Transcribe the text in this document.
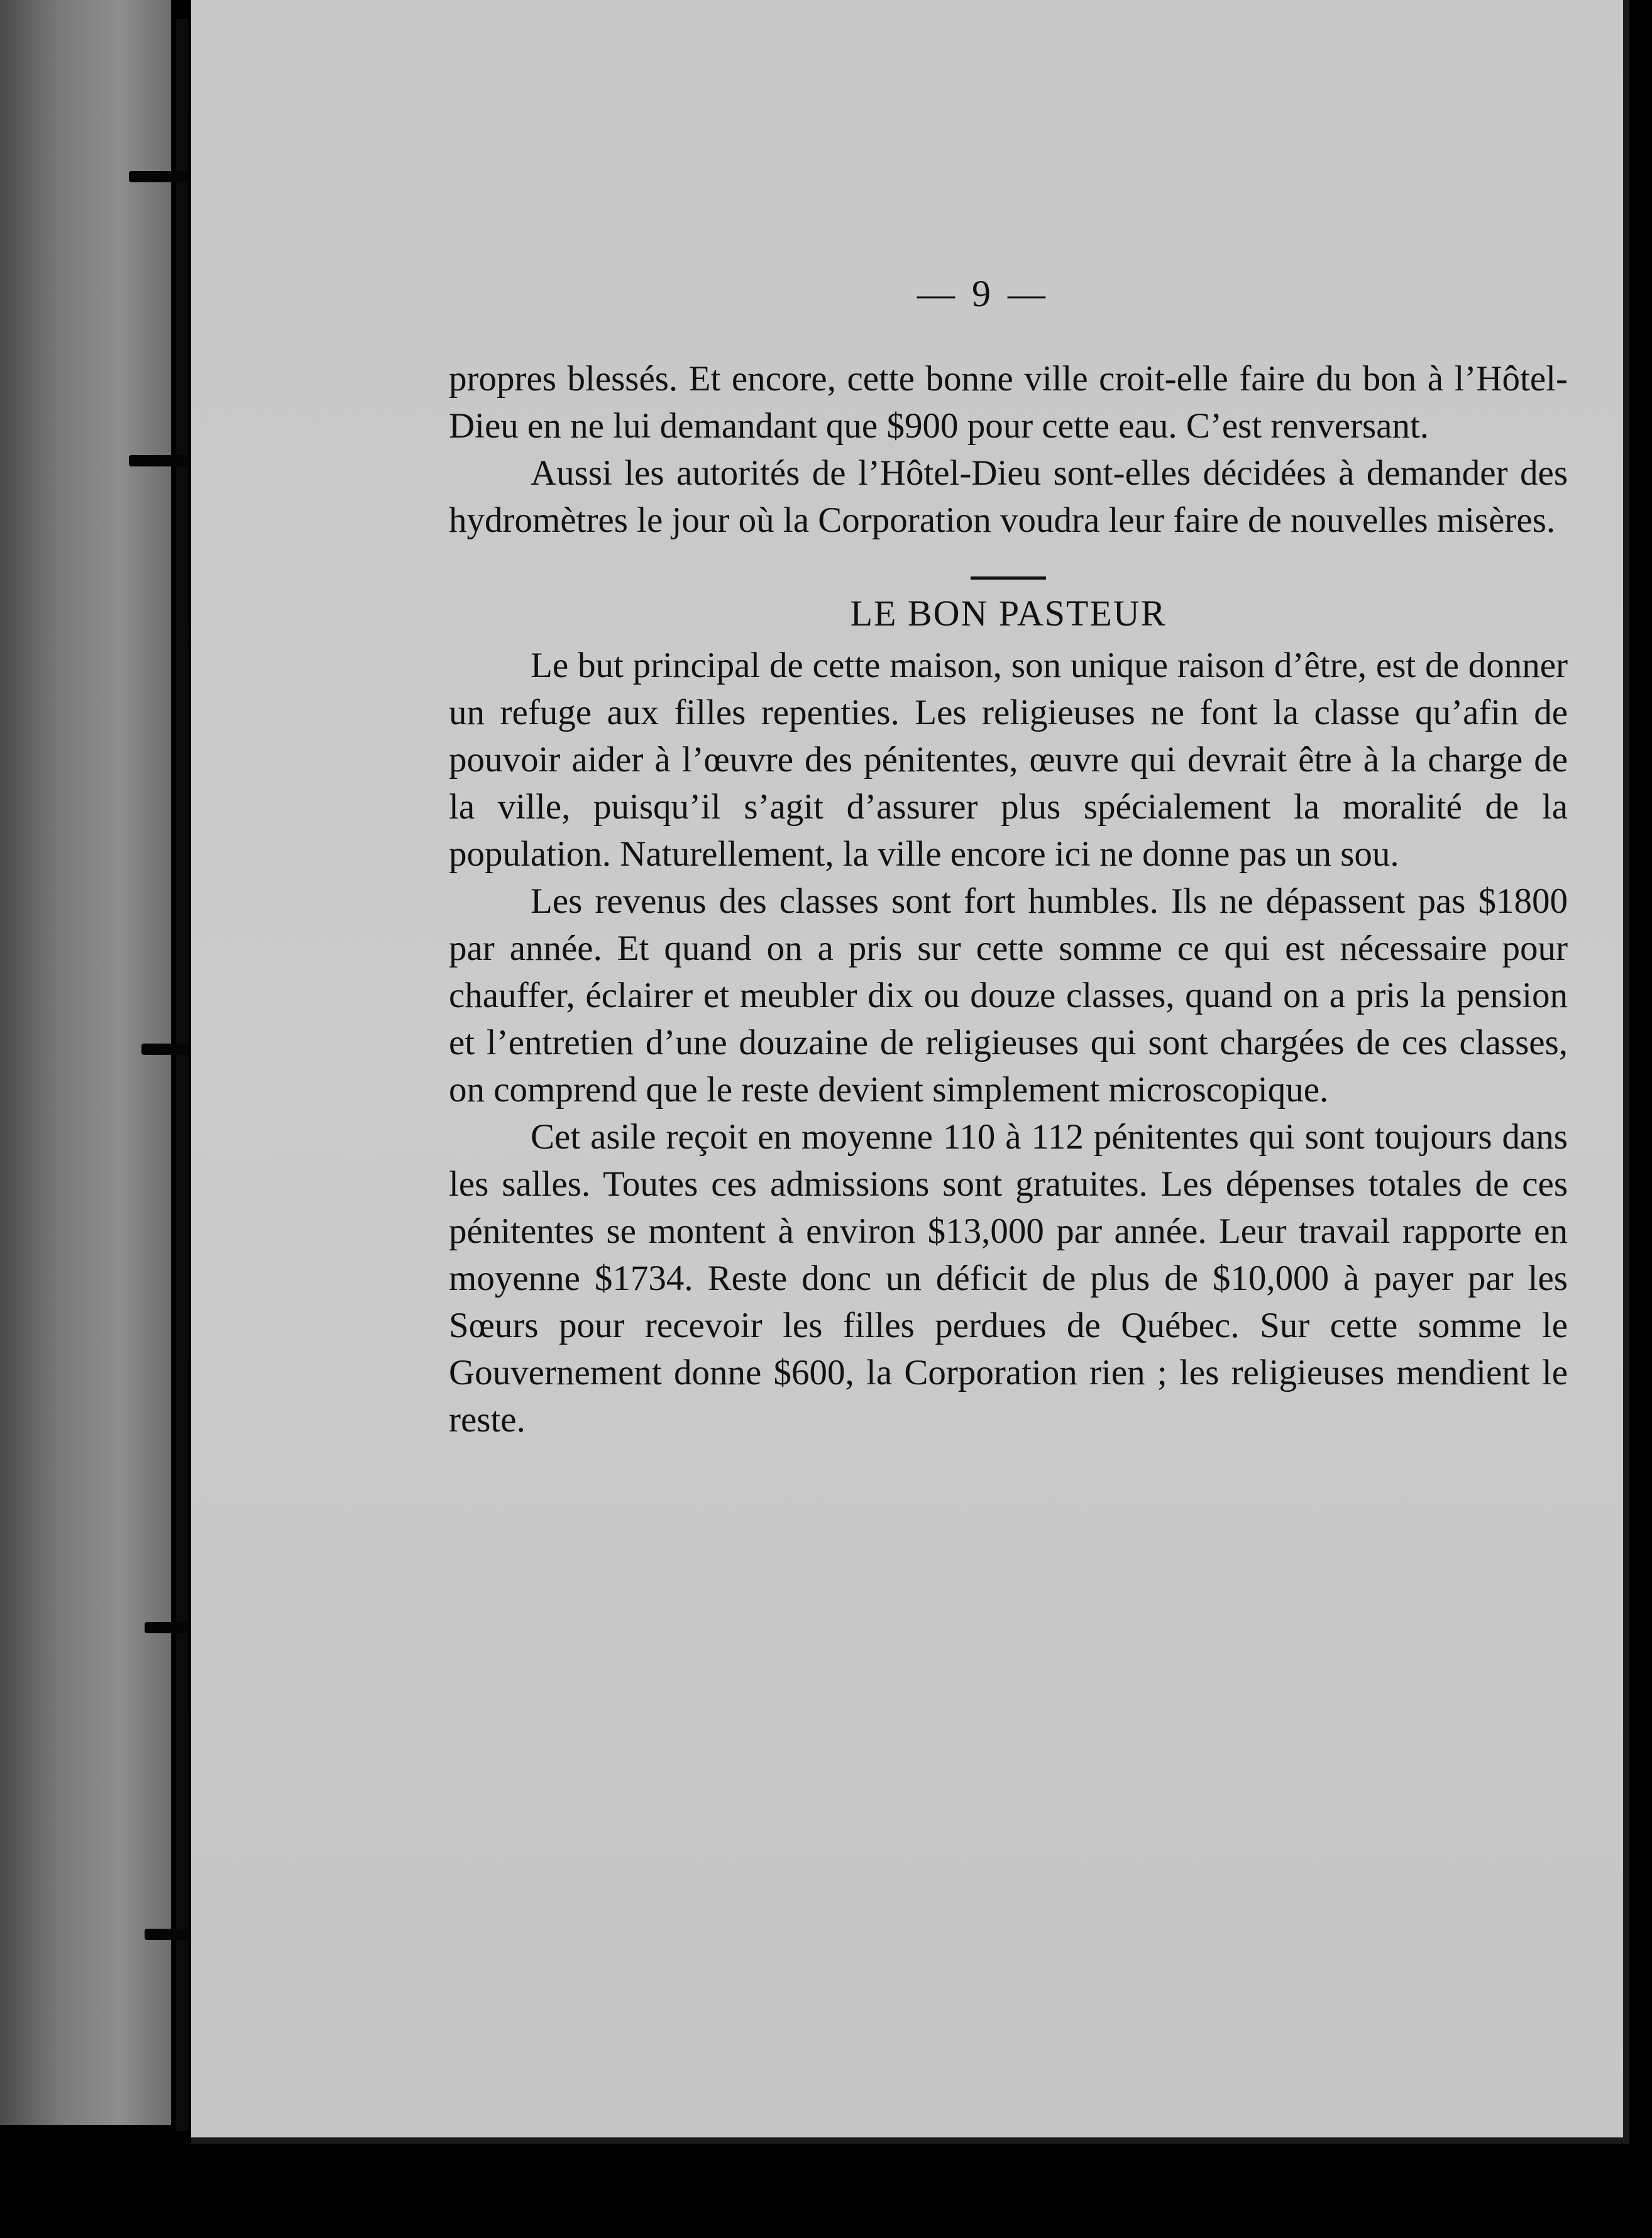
— 9 —

propres blessés. Et encore, cette bonne ville croit-elle faire du bon à l’Hôtel-Dieu en ne lui demandant que $900 pour cette eau. C’est renversant.

Aussi les autorités de l’Hôtel-Dieu sont-elles décidées à demander des hydromètres le jour où la Corporation voudra leur faire de nouvelles misères.

LE BON PASTEUR

Le but principal de cette maison, son unique raison d’être, est de donner un refuge aux filles repenties. Les religieuses ne font la classe qu’afin de pouvoir aider à l’œuvre des pénitentes, œuvre qui devrait être à la charge de la ville, puisqu’il s’agit d’assurer plus spécialement la moralité de la population. Naturellement, la ville encore ici ne donne pas un sou.

Les revenus des classes sont fort humbles. Ils ne dépassent pas $1800 par année. Et quand on a pris sur cette somme ce qui est nécessaire pour chauffer, éclairer et meubler dix ou douze classes, quand on a pris la pension et l’entretien d’une douzaine de religieuses qui sont chargées de ces classes, on comprend que le reste devient simplement microscopique.

Cet asile reçoit en moyenne 110 à 112 pénitentes qui sont toujours dans les salles. Toutes ces admissions sont gratuites. Les dépenses totales de ces pénitentes se montent à environ $13,000 par année. Leur travail rapporte en moyenne $1734. Reste donc un déficit de plus de $10,000 à payer par les Sœurs pour recevoir les filles perdues de Québec. Sur cette somme le Gouvernement donne $600, la Corporation rien ; les religieuses mendient le reste.
